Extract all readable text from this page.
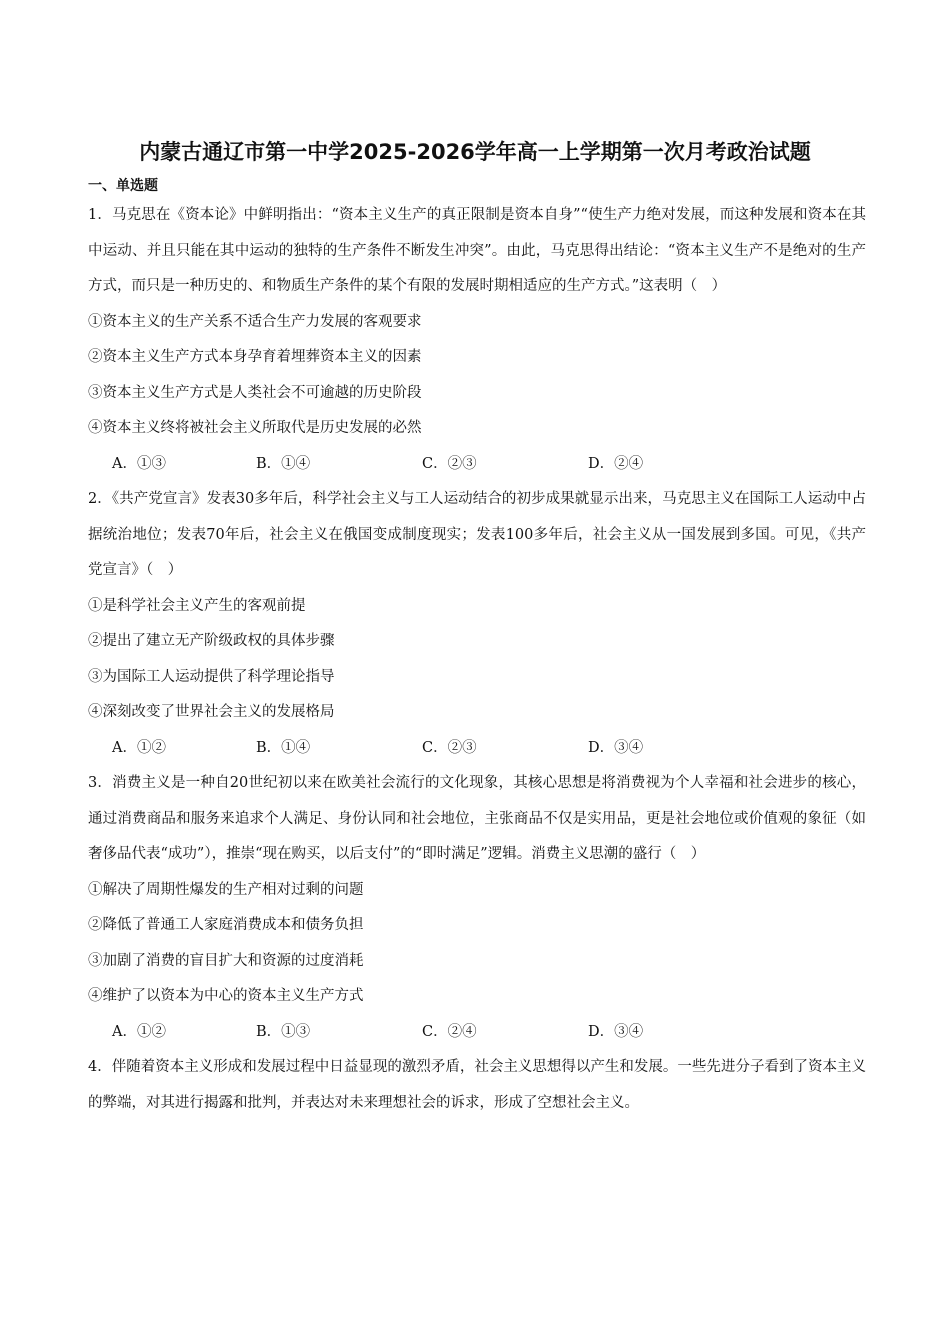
内蒙古通辽市第一中学2025-2026学年高一上学期第一次月考政治试题
一、单选题

1．马克思在《资本论》中鲜明指出：“资本主义生产的真正限制是资本自身”“使生产力绝对发展，而这种发展和资本在其中运动、并且只能在其中运动的独特的生产条件不断发生冲突”。由此，马克思得出结论：“资本主义生产不是绝对的生产方式，而只是一种历史的、和物质生产条件的某个有限的发展时期相适应的生产方式。”这表明（　）

①资本主义的生产关系不适合生产力发展的客观要求

②资本主义生产方式本身孕育着埋葬资本主义的因素

③资本主义生产方式是人类社会不可逾越的历史阶段

④资本主义终将被社会主义所取代是历史发展的必然

A．①③	B．①④	C．②③	D．②④

2．《共产党宣言》发表30多年后，科学社会主义与工人运动结合的初步成果就显示出来，马克思主义在国际工人运动中占据统治地位；发表70年后，社会主义在俄国变成制度现实；发表100多年后，社会主义从一国发展到多国。可见，《共产党宣言》（　）

①是科学社会主义产生的客观前提

②提出了建立无产阶级政权的具体步骤

③为国际工人运动提供了科学理论指导

④深刻改变了世界社会主义的发展格局

A．①②	B．①④	C．②③	D．③④

3．消费主义是一种自20世纪初以来在欧美社会流行的文化现象，其核心思想是将消费视为个人幸福和社会进步的核心，通过消费商品和服务来追求个人满足、身份认同和社会地位，主张商品不仅是实用品，更是社会地位或价值观的象征（如奢侈品代表“成功”），推崇“现在购买，以后支付”的“即时满足”逻辑。消费主义思潮的盛行（　）

①解决了周期性爆发的生产相对过剩的问题

②降低了普通工人家庭消费成本和债务负担

③加剧了消费的盲目扩大和资源的过度消耗

④维护了以资本为中心的资本主义生产方式

A．①②	B．①③	C．②④	D．③④

4．伴随着资本主义形成和发展过程中日益显现的激烈矛盾，社会主义思想得以产生和发展。一些先进分子看到了资本主义的弊端，对其进行揭露和批判，并表达对未来理想社会的诉求，形成了空想社会主义。
